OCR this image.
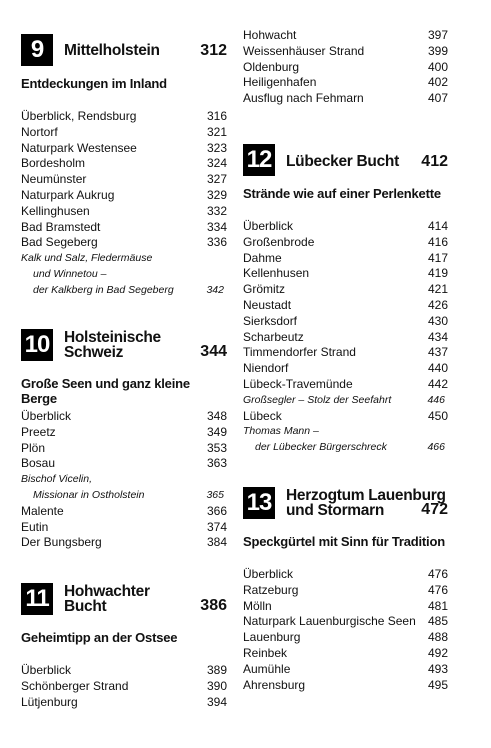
9	Mittelholstein	312
Entdeckungen im Inland
Überblick, Rendsburg	316
Nortorf	321
Naturpark Westensee	323
Bordesholm	324
Neumünster	327
Naturpark Aukrug	329
Kellinghusen	332
Bad Bramstedt	334
Bad Segeberg	336
Kalk und Salz, Fledermäuse
und Winnetou –
der Kalkberg in Bad Segeberg	342
10 Holsteinische
Schweiz	344
Große Seen und ganz kleine Berge
Überblick	348
Preetz	349
Plön	353
Bosau	363
Bischof Vicelin,
Missionar in Ostholstein	365
Malente	366
Eutin	374
Der Bungsberg	384
11 Hohwachter
Bucht	386
Geheimtipp an der Ostsee
Überblick	389
Schönberger Strand	390
Lütjenburg	394
Hohwacht	397
Weissenhäuser Strand	399
Oldenburg	400
Heiligenhafen	402
Ausflug nach Fehmarn	407
12 Lübecker Bucht 412
Strände wie auf einer Perlenkette
Überblick	414
Großenbrode	416
Dahme	417
Kellenhusen	419
Grömitz	421
Neustadt	426
Sierksdorf	430
Scharbeutz	434
Timmendorfer Strand	437
Niendorf	440
Lübeck-Travemünde	442
Großsegler – Stolz der Seefahrt	446
Lübeck	450
Thomas Mann –
der Lübecker Bürgerschreck	466
13 Herzogtum Lauenburg
und Stormarn 472
Speckgürtel mit Sinn für Tradition
Überblick	476
Ratzeburg	476
Mölln	481
Naturpark Lauenburgische Seen 485
Lauenburg	488
Reinbek	492
Aumühle	493
Ahrensburg	495
